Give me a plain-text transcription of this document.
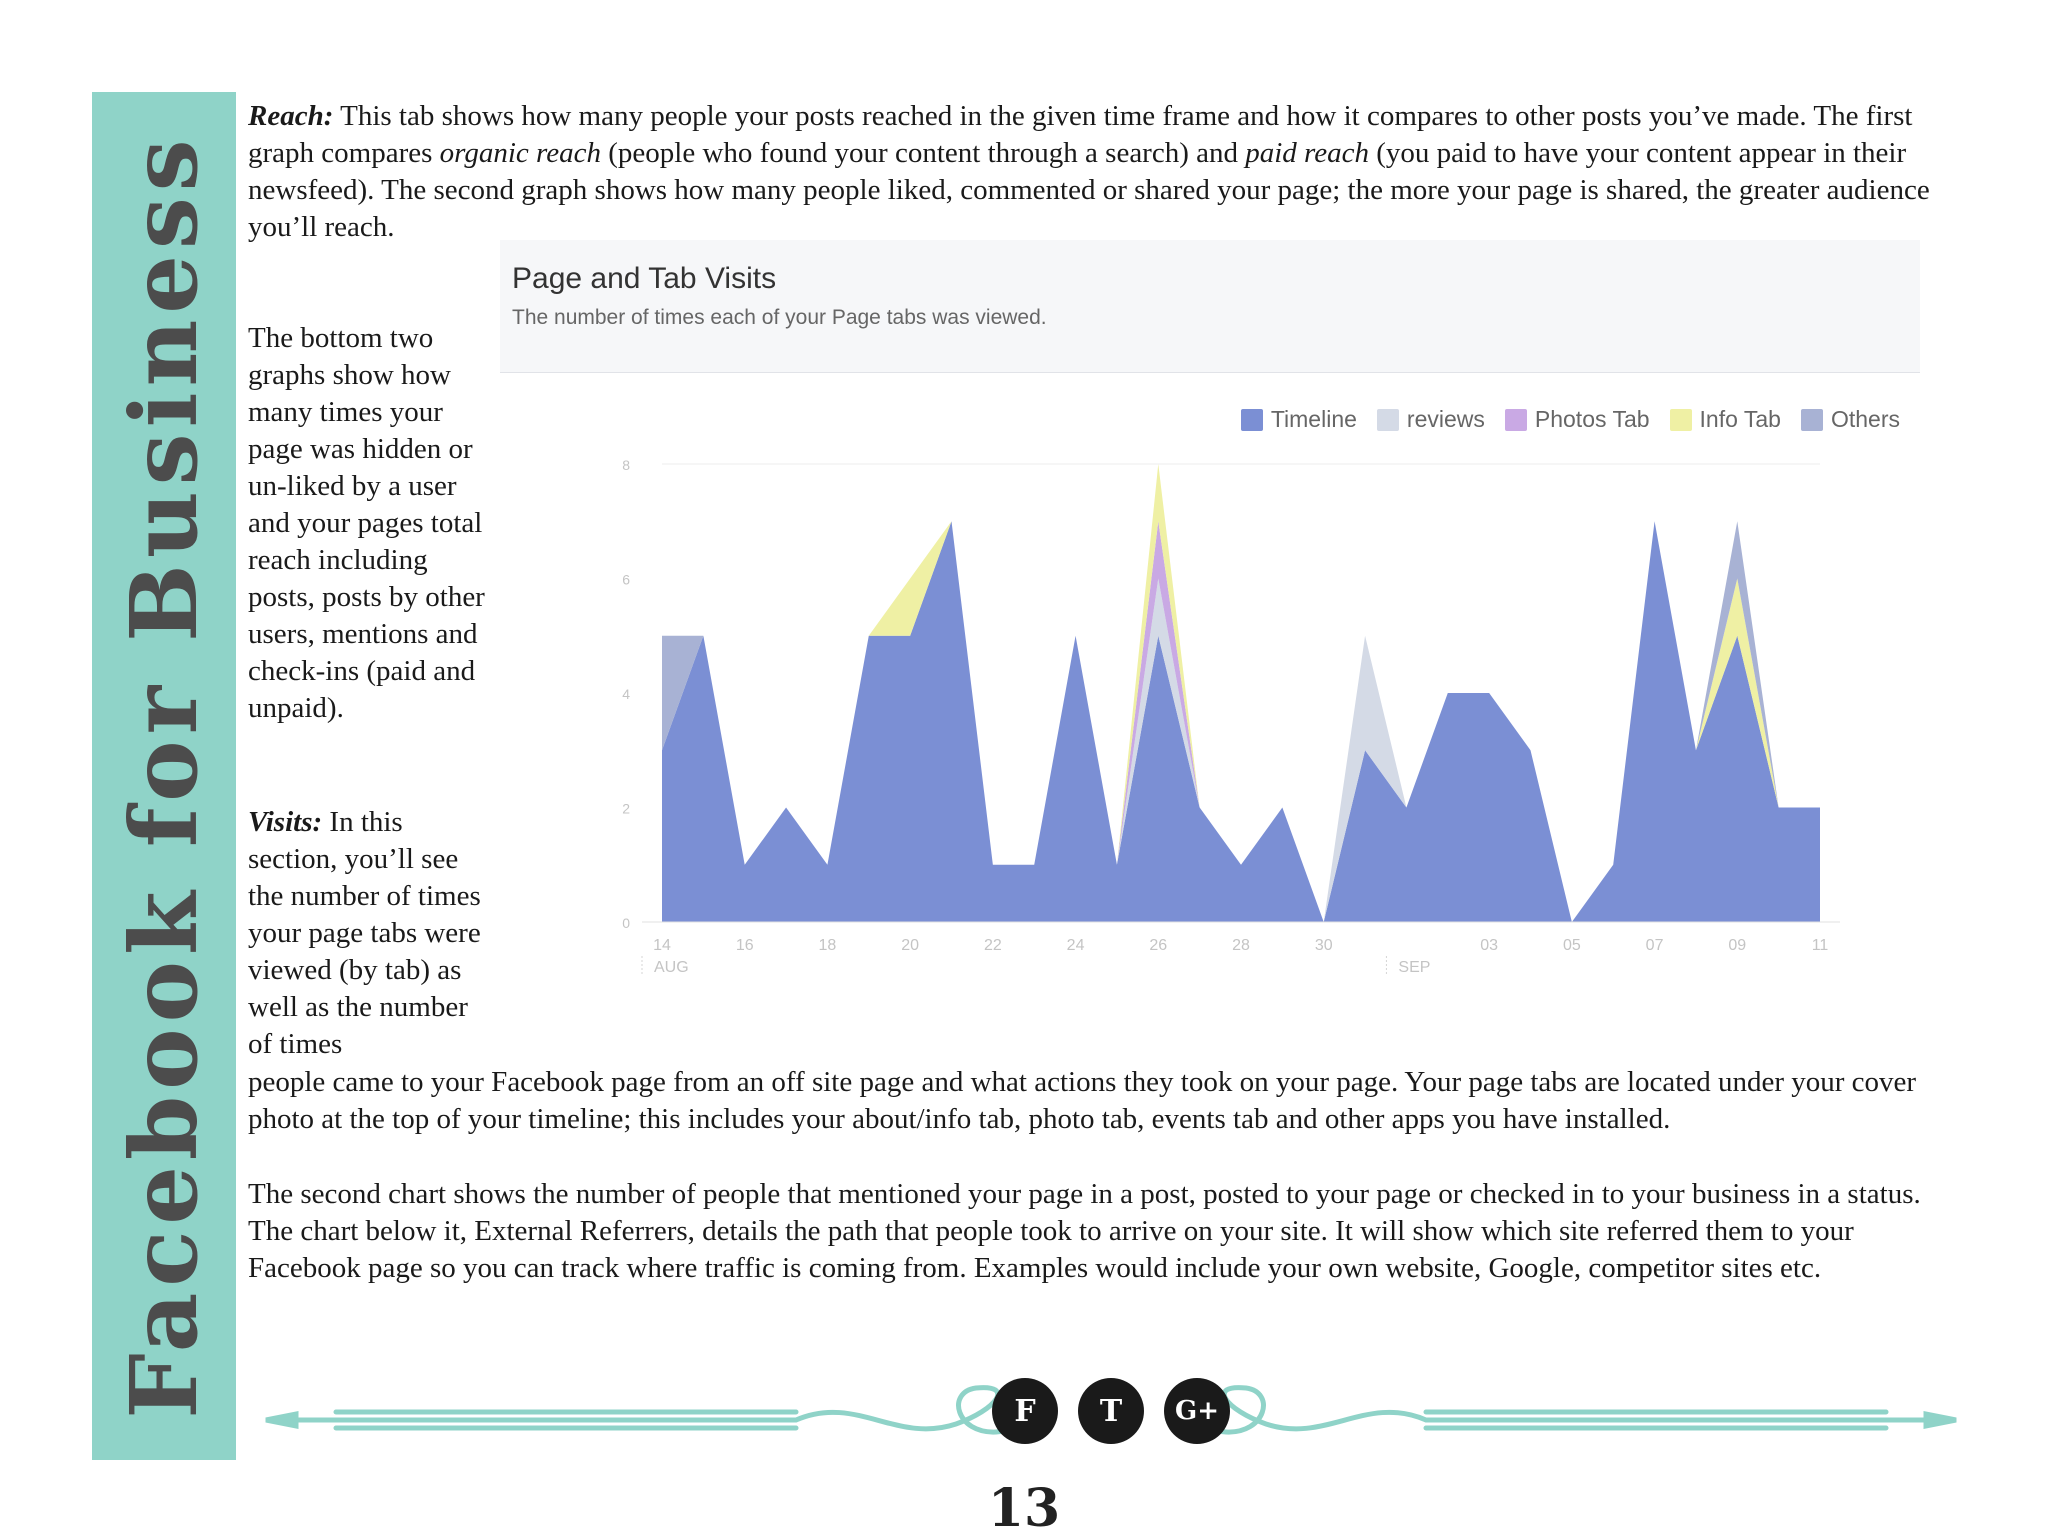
Facebook for Business

Reach: This tab shows how many people your posts reached in the given time frame and how it compares to other posts you’ve made. The first graph compares organic reach (people who found your content through a search) and paid reach (you paid to have your content appear in their newsfeed). The second graph shows how many people liked, commented or shared your page; the more your page is shared, the greater audience you’ll reach.

The bottom two graphs show how many times your page was hidden or un-liked by a user and your pages total reach including posts, posts by other users, mentions and check-ins (paid and unpaid).

Visits: In this section, you’ll see the number of times your page tabs were viewed (by tab) as well as the number of times

people came to your Facebook page from an off site page and what actions they took on your page. Your page tabs are located under your cover photo at the top of your timeline; this includes your about/info tab, photo tab, events tab and other apps you have installed.

The second chart shows the number of people that mentioned your page in a post, posted to your page or checked in to your business in a status. The chart below it, External Referrers, details the path that people took to arrive on your site. It will show which site referred them to your Facebook page so you can track where traffic is coming from. Examples would include your own website, Google, competitor sites etc.

Page and Tab Visits
The number of times each of your Page tabs was viewed.
Timeline reviews Photos Tab Info Tab Others
0
2
4
6
8
14	16	18	20	22	24	26	28	30	03	05	07	09	11
AUG	SEP
F	T	G+
13
